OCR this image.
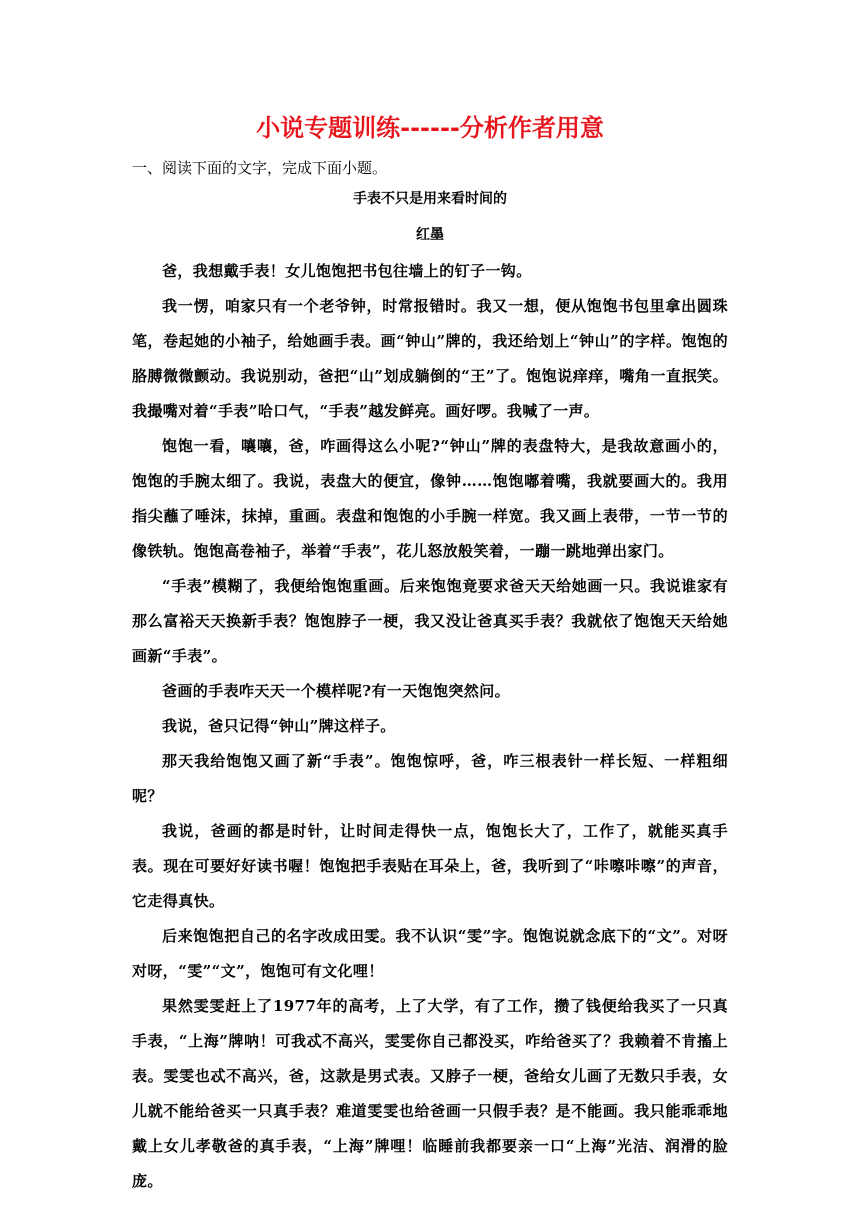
小说专题训练------分析作者用意

一、阅读下面的文字，完成下面小题。

手表不只是用来看时间的

红墨

爸，我想戴手表！女儿饱饱把书包往墙上的钉子一钩。

我一愣，咱家只有一个老爷钟，时常报错时。我又一想，便从饱饱书包里拿出圆珠笔，卷起她的小袖子，给她画手表。画“钟山”牌的，我还给划上“钟山”的字样。饱饱的胳膊微微颤动。我说别动，爸把“山”划成躺倒的“王”了。饱饱说痒痒，嘴角一直抿笑。我撮嘴对着“手表”哈口气，“手表”越发鲜亮。画好啰。我喊了一声。

饱饱一看，嚷嚷，爸，咋画得这么小呢?“钟山”牌的表盘特大，是我故意画小的，饱饱的手腕太细了。我说，表盘大的便宜，像钟……饱饱嘟着嘴，我就要画大的。我用指尖蘸了唾沫，抹掉，重画。表盘和饱饱的小手腕一样宽。我又画上表带，一节一节的像铁轨。饱饱高卷袖子，举着“手表”，花儿怒放般笑着，一蹦一跳地弹出家门。

“手表”模糊了，我便给饱饱重画。后来饱饱竟要求爸天天给她画一只。我说谁家有那么富裕天天换新手表？饱饱脖子一梗，我又没让爸真买手表？我就依了饱饱天天给她画新“手表”。

爸画的手表咋天天一个模样呢?有一天饱饱突然问。

我说，爸只记得“钟山”牌这样子。

那天我给饱饱又画了新“手表”。饱饱惊呼，爸，咋三根表针一样长短、一样粗细呢？

我说，爸画的都是时针，让时间走得快一点，饱饱长大了，工作了，就能买真手表。现在可要好好读书喔！饱饱把手表贴在耳朵上，爸，我听到了“咔嚓咔嚓”的声音，它走得真快。

后来饱饱把自己的名字改成田雯。我不认识“雯”字。饱饱说就念底下的“文”。对呀对呀，“雯”“文”，饱饱可有文化哩！

果然雯雯赶上了1977年的高考，上了大学，有了工作，攒了钱便给我买了一只真手表，“上海”牌呐！可我忒不高兴，雯雯你自己都没买，咋给爸买了？我赖着不肯搐上表。雯雯也忒不高兴，爸，这款是男式表。又脖子一梗，爸给女儿画了无数只手表，女儿就不能给爸买一只真手表？难道雯雯也给爸画一只假手表？是不能画。我只能乖乖地戴上女儿孝敬爸的真手表，“上海”牌哩！临睡前我都要亲一口“上海”光洁、润滑的脸庞。
